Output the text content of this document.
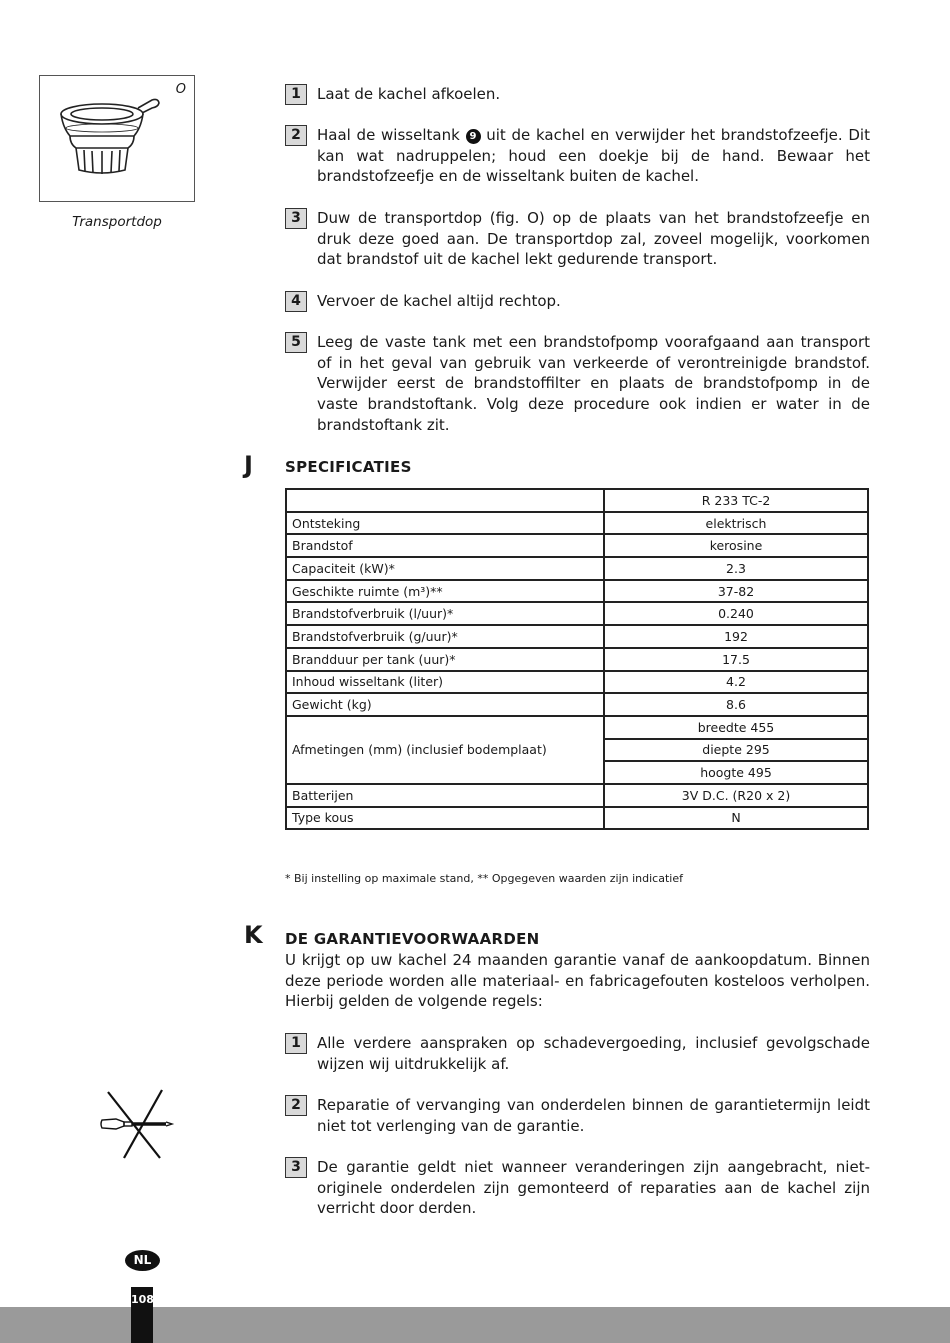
O
Transportdop
1	Laat de kachel afkoelen.

2	Haal de wisseltank 9 uit de kachel en verwijder het brandstofzeefje. Dit kan wat nadruppelen; houd een doekje bij de hand. Bewaar het brandstofzeefje en de wisseltank buiten de kachel.

3	Duw de transportdop (fig. O) op de plaats van het brandstofzeefje en druk deze goed aan. De transportdop zal, zoveel mogelijk, voorkomen dat brandstof uit de kachel lekt gedurende transport.

4	Vervoer de kachel altijd rechtop.

5	Leeg de vaste tank met een brandstofpomp voorafgaand aan transport of in het geval van gebruik van verkeerde of verontreinigde brandstof. Verwijder eerst de brandstoffilter en plaats de brandstofpomp in de vaste brandstoftank. Volg deze procedure ook indien er water in de brandstoftank zit.

J SPECIFICATIES
	R 233 TC-2
Ontsteking	elektrisch
Brandstof	kerosine
Capaciteit (kW)*	2.3
Geschikte ruimte (m³)**	37-82
Brandstofverbruik (l/uur)*	0.240
Brandstofverbruik (g/uur)*	192
Brandduur per tank (uur)*	17.5
Inhoud wisseltank (liter)	4.2
Gewicht (kg)	8.6
Afmetingen (mm) (inclusief bodemplaat)	breedte 455
	diepte 295
	hoogte 495
Batterijen	3V D.C. (R20 x 2)
Type kous	N
* Bij instelling op maximale stand, ** Opgegeven waarden zijn indicatief
K DE GARANTIEVOORWAARDEN

U krijgt op uw kachel 24 maanden garantie vanaf de aankoopdatum. Binnen deze periode worden alle materiaal- en fabricagefouten kosteloos verholpen. Hierbij gelden de volgende regels:

1	Alle verdere aanspraken op schadevergoeding, inclusief gevolgschade wijzen wij uitdrukkelijk af.

2	Reparatie of vervanging van onderdelen binnen de garantietermijn leidt niet tot verlenging van de garantie.

3	De garantie geldt niet wanneer veranderingen zijn aangebracht, niet-originele onderdelen zijn gemonteerd of reparaties aan de kachel zijn verricht door derden.

NL
108
